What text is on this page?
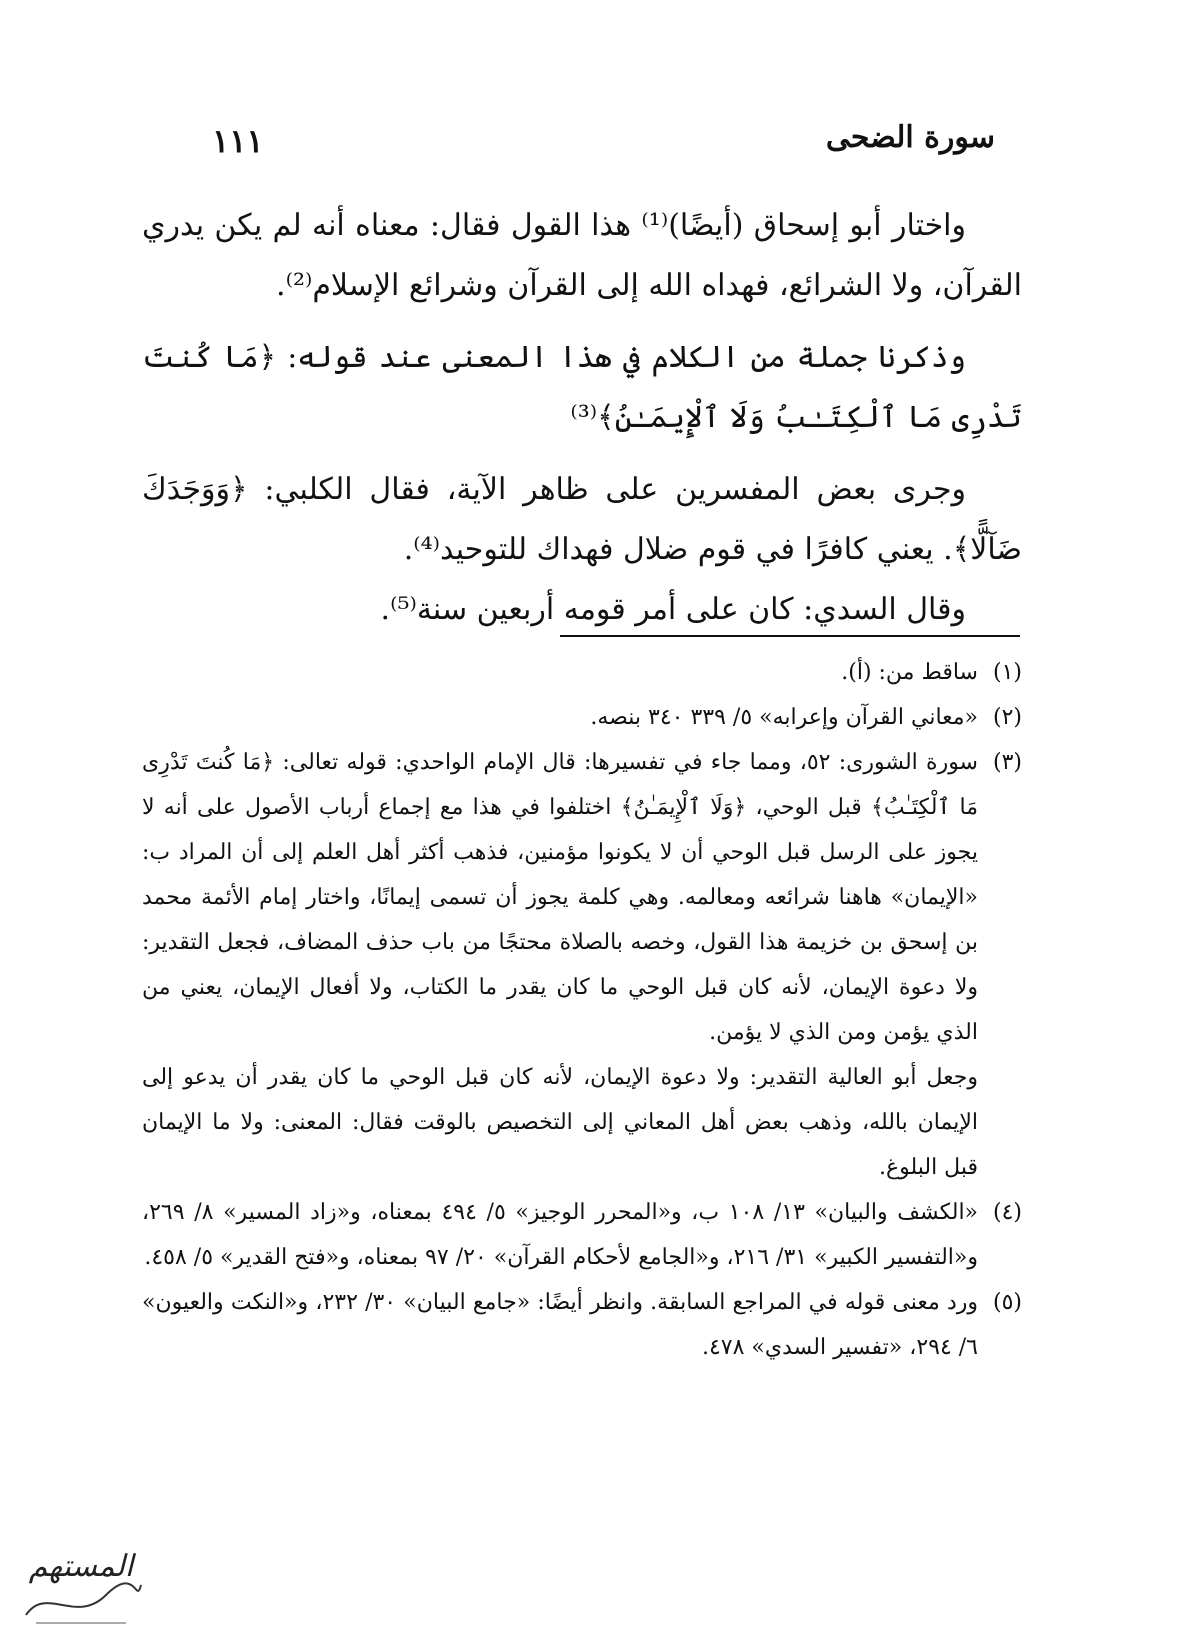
سورة الضحى
١١١

واختار أبو إسحاق (أيضًا)⁽¹⁾ هذا القول فقال: معناه أنه لم يكن يدري القرآن، ولا الشرائع، فهداه الله إلى القرآن وشرائع الإسلام⁽²⁾.

وذكرنا جملة من الكلام في هذا المعنى عند قوله: ﴿مَا كُنتَ تَدْرِى مَا ٱلْكِتَـٰبُ وَلَا ٱلْإِيمَـٰنُ﴾⁽³⁾

وجرى بعض المفسرين على ظاهر الآية، فقال الكلبي: ﴿وَوَجَدَكَ ضَآلًّا﴾. يعني كافرًا في قوم ضلال فهداك للتوحيد⁽⁴⁾.

وقال السدي: كان على أمر قومه أربعين سنة⁽⁵⁾.

(١)

ساقط من: (أ).

(٢)

«معاني القرآن وإعرابه» ٥/ ٣٣٩ ٣٤٠ بنصه.

(٣)

سورة الشورى: ٥٢، ومما جاء في تفسيرها: قال الإمام الواحدي: قوله تعالى: ﴿مَا كُنتَ تَدْرِى مَا ٱلْكِتَـٰبُ﴾ قبل الوحي، ﴿وَلَا ٱلْإِيمَـٰنُ﴾ اختلفوا في هذا مع إجماع أرباب الأصول على أنه لا يجوز على الرسل قبل الوحي أن لا يكونوا مؤمنين، فذهب أكثر أهل العلم إلى أن المراد ب: «الإيمان» هاهنا شرائعه ومعالمه. وهي كلمة يجوز أن تسمى إيمانًا، واختار إمام الأئمة محمد بن إسحق بن خزيمة هذا القول، وخصه بالصلاة محتجًا من باب حذف المضاف، فجعل التقدير: ولا دعوة الإيمان، لأنه كان قبل الوحي ما كان يقدر ما الكتاب، ولا أفعال الإيمان، يعني من الذي يؤمن ومن الذي لا يؤمن.

وجعل أبو العالية التقدير: ولا دعوة الإيمان، لأنه كان قبل الوحي ما كان يقدر أن يدعو إلى الإيمان بالله، وذهب بعض أهل المعاني إلى التخصيص بالوقت فقال: المعنى: ولا ما الإيمان قبل البلوغ.

(٤)

«الكشف والبيان» ١٣/ ١٠٨ ب، و«المحرر الوجيز» ٥/ ٤٩٤ بمعناه، و«زاد المسير» ٨/ ٢٦٩، و«التفسير الكبير» ٣١/ ٢١٦، و«الجامع لأحكام القرآن» ٢٠/ ٩٧ بمعناه، و«فتح القدير» ٥/ ٤٥٨.

(٥)

ورد معنى قوله في المراجع السابقة. وانظر أيضًا: «جامع البيان» ٣٠/ ٢٣٢، و«النكت والعيون» ٦/ ٢٩٤، «تفسير السدي» ٤٧٨.

المستهم
